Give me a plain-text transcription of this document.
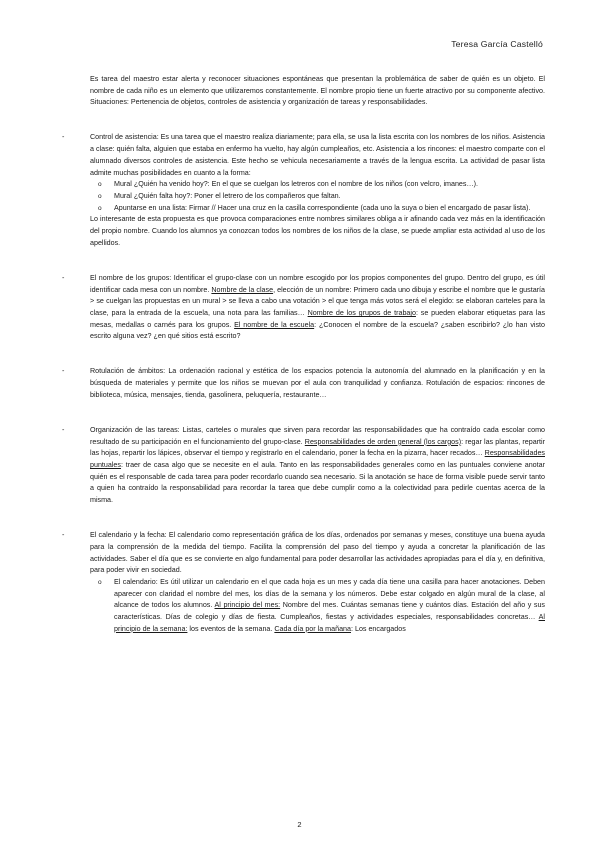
Teresa García Castelló

Es tarea del maestro estar alerta y reconocer situaciones espontáneas que presentan la problemática de saber de quién es un objeto. El nombre de cada niño es un elemento que utilizaremos constantemente. El nombre propio tiene un fuerte atractivo por su componente afectivo. Situaciones: Pertenencia de objetos, controles de asistencia y organización de tareas y responsabilidades.

-	Control de asistencia: Es una tarea que el maestro realiza diariamente; para ella, se usa la lista escrita con los nombres de los niños. Asistencia a clase: quién falta, alguien que estaba en enfermo ha vuelto, hay algún cumpleaños, etc. Asistencia a los rincones: el maestro comparte con el alumnado diversos controles de asistencia. Este hecho se vehicula necesariamente a través de la lengua escrita. La actividad de pasar lista admite muchas posibilidades en cuanto a la forma:

o Mural ¿Quién ha venido hoy?: En el que se cuelgan los letreros con el nombre de los niños (con velcro, imanes…).
o Mural ¿Quién falta hoy?: Poner el letrero de los compañeros que faltan.
o Apuntarse en una lista: Firmar // Hacer una cruz en la casilla correspondiente (cada uno la suya o bien el encargado de pasar lista).

Lo interesante de esta propuesta es que provoca comparaciones entre nombres similares obliga a ir afinando cada vez más en la identificación del propio nombre. Cuando los alumnos ya conozcan todos los nombres de los niños de la clase, se puede ampliar esta actividad al uso de los apellidos.

-	El nombre de los grupos: Identificar el grupo-clase con un nombre escogido por los propios componentes del grupo. Dentro del grupo, es útil identificar cada mesa con un nombre. Nombre de la clase, elección de un nombre: Primero cada uno dibuja y escribe el nombre que le gustaría > se cuelgan las propuestas en un mural > se lleva a cabo una votación > el que tenga más votos será el elegido: se elaboran carteles para la clase, para la entrada de la escuela, una nota para las familias… Nombre de los grupos de trabajo: se pueden elaborar etiquetas para las mesas, medallas o carnés para los grupos. El nombre de la escuela: ¿Conocen el nombre de la escuela? ¿saben escribirlo? ¿lo han visto escrito alguna vez? ¿en qué sitios está escrito?

-	Rotulación de ámbitos: La ordenación racional y estética de los espacios potencia la autonomía del alumnado en la planificación y en la búsqueda de materiales y permite que los niños se muevan por el aula con tranquilidad y confianza. Rotulación de espacios: rincones de biblioteca, música, mensajes, tienda, gasolinera, peluquería, restaurante…

-	Organización de las tareas: Listas, carteles o murales que sirven para recordar las responsabilidades que ha contraído cada escolar como resultado de su participación en el funcionamiento del grupo-clase. Responsabilidades de orden general (los cargos): regar las plantas, repartir las hojas, repartir los lápices, observar el tiempo y registrarlo en el calendario, poner la fecha en la pizarra, hacer recados… Responsabilidades puntuales: traer de casa algo que se necesite en el aula. Tanto en las responsabilidades generales como en las puntuales conviene anotar quién es el responsable de cada tarea para poder recordarlo cuando sea necesario. Si la anotación se hace de forma visible puede servir tanto a quien ha contraído la responsabilidad para recordar la tarea que debe cumplir como a la colectividad para pedirle cuentas acerca de la misma.

-	El calendario y la fecha: El calendario como representación gráfica de los días, ordenados por semanas y meses, constituye una buena ayuda para la comprensión de la medida del tiempo. Facilita la comprensión del paso del tiempo y ayuda a concretar la planificación de las actividades. Saber el día que es se convierte en algo fundamental para poder desarrollar las actividades apropiadas para el día y, en definitiva, para poder vivir en sociedad.

o El calendario: Es útil utilizar un calendario en el que cada hoja es un mes y cada día tiene una casilla para hacer anotaciones. Deben aparecer con claridad el nombre del mes, los días de la semana y los números. Debe estar colgado en algún mural de la clase, al alcance de todos los alumnos. Al principio del mes: Nombre del mes. Cuántas semanas tiene y cuántos días. Estación del año y sus características. Días de colegio y días de fiesta. Cumpleaños, fiestas y actividades especiales, responsabilidades concretas… Al principio de la semana: los eventos de la semana. Cada día por la mañana: Los encargados
2
